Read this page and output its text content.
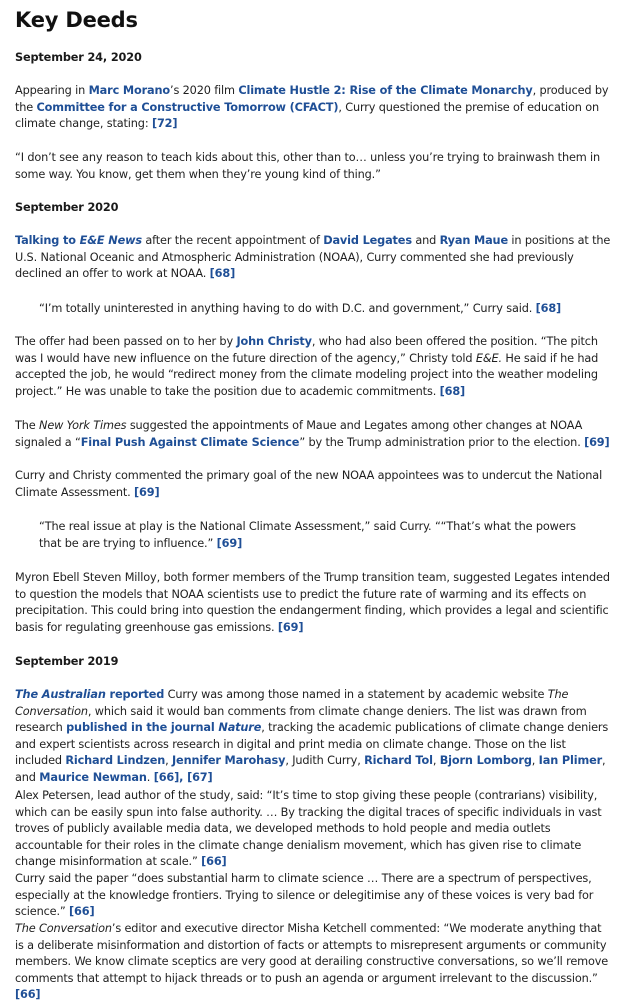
Key Deeds

September 24, 2020

Appearing in Marc Morano’s 2020 film Climate Hustle 2: Rise of the Climate Monarchy, produced by the Committee for a Constructive Tomorrow (CFACT), Curry questioned the premise of education on climate change, stating: [72]

“I don’t see any reason to teach kids about this, other than to… unless you’re trying to brainwash them in some way. You know, get them when they’re young kind of thing.”

September 2020

Talking to E&E News after the recent appointment of David Legates and Ryan Maue in positions at the U.S. National Oceanic and Atmospheric Administration (NOAA), Curry commented she had previously declined an offer to work at NOAA. [68]

“I’m totally uninterested in anything having to do with D.C. and government,” Curry said. [68]

The offer had been passed on to her by John Christy, who had also been offered the position. “The pitch was I would have new influence on the future direction of the agency,” Christy told E&E. He said if he had accepted the job, he would “redirect money from the climate modeling project into the weather modeling project.” He was unable to take the position due to academic commitments. [68]

The New York Times suggested the appointments of Maue and Legates among other changes at NOAA signaled a “Final Push Against Climate Science” by the Trump administration prior to the election. [69]

Curry and Christy commented the primary goal of the new NOAA appointees was to undercut the National Climate Assessment. [69]

“The real issue at play is the National Climate Assessment,” said Curry. ““That’s what the powers that be are trying to influence.” [69]

Myron Ebell Steven Milloy, both former members of the Trump transition team, suggested Legates intended to question the models that NOAA scientists use to predict the future rate of warming and its effects on precipitation. This could bring into question the endangerment finding, which provides a legal and scientific basis for regulating greenhouse gas emissions. [69]

September 2019

The Australian reported Curry was among those named in a statement by academic website The Conversation, which said it would ban comments from climate change deniers. The list was drawn from research published in the journal Nature, tracking the academic publications of climate change deniers and expert scientists across research in digital and print media on climate change. Those on the list included Richard Lindzen, Jennifer Marohasy, Judith Curry, Richard Tol, Bjorn Lomborg, Ian Plimer, and Maurice Newman. [66], [67]

Alex Petersen, lead author of the study, said: “It’s time to stop giving these people (contrarians) visibility, which can be easily spun into false authority. … By tracking the digital traces of specific individuals in vast troves of publicly available media data, we developed methods to hold people and media outlets accountable for their roles in the climate change denialism movement, which has given rise to climate change misinformation at scale.” [66]

Curry said the paper “does substantial harm to climate science … There are a spectrum of perspectives, especially at the knowledge frontiers. Trying to silence or delegitimise any of these voices is very bad for science.” [66]

The Conversation’s editor and executive director Misha Ketchell commented: “We moderate anything that is a deliberate misinformation and distortion of facts or attempts to misrepresent arguments or community members. We know climate sceptics are very good at derailing constructive conversations, so we’ll remove comments that attempt to hijack threads or to push an agenda or argument irrelevant to the discussion.” [66]
